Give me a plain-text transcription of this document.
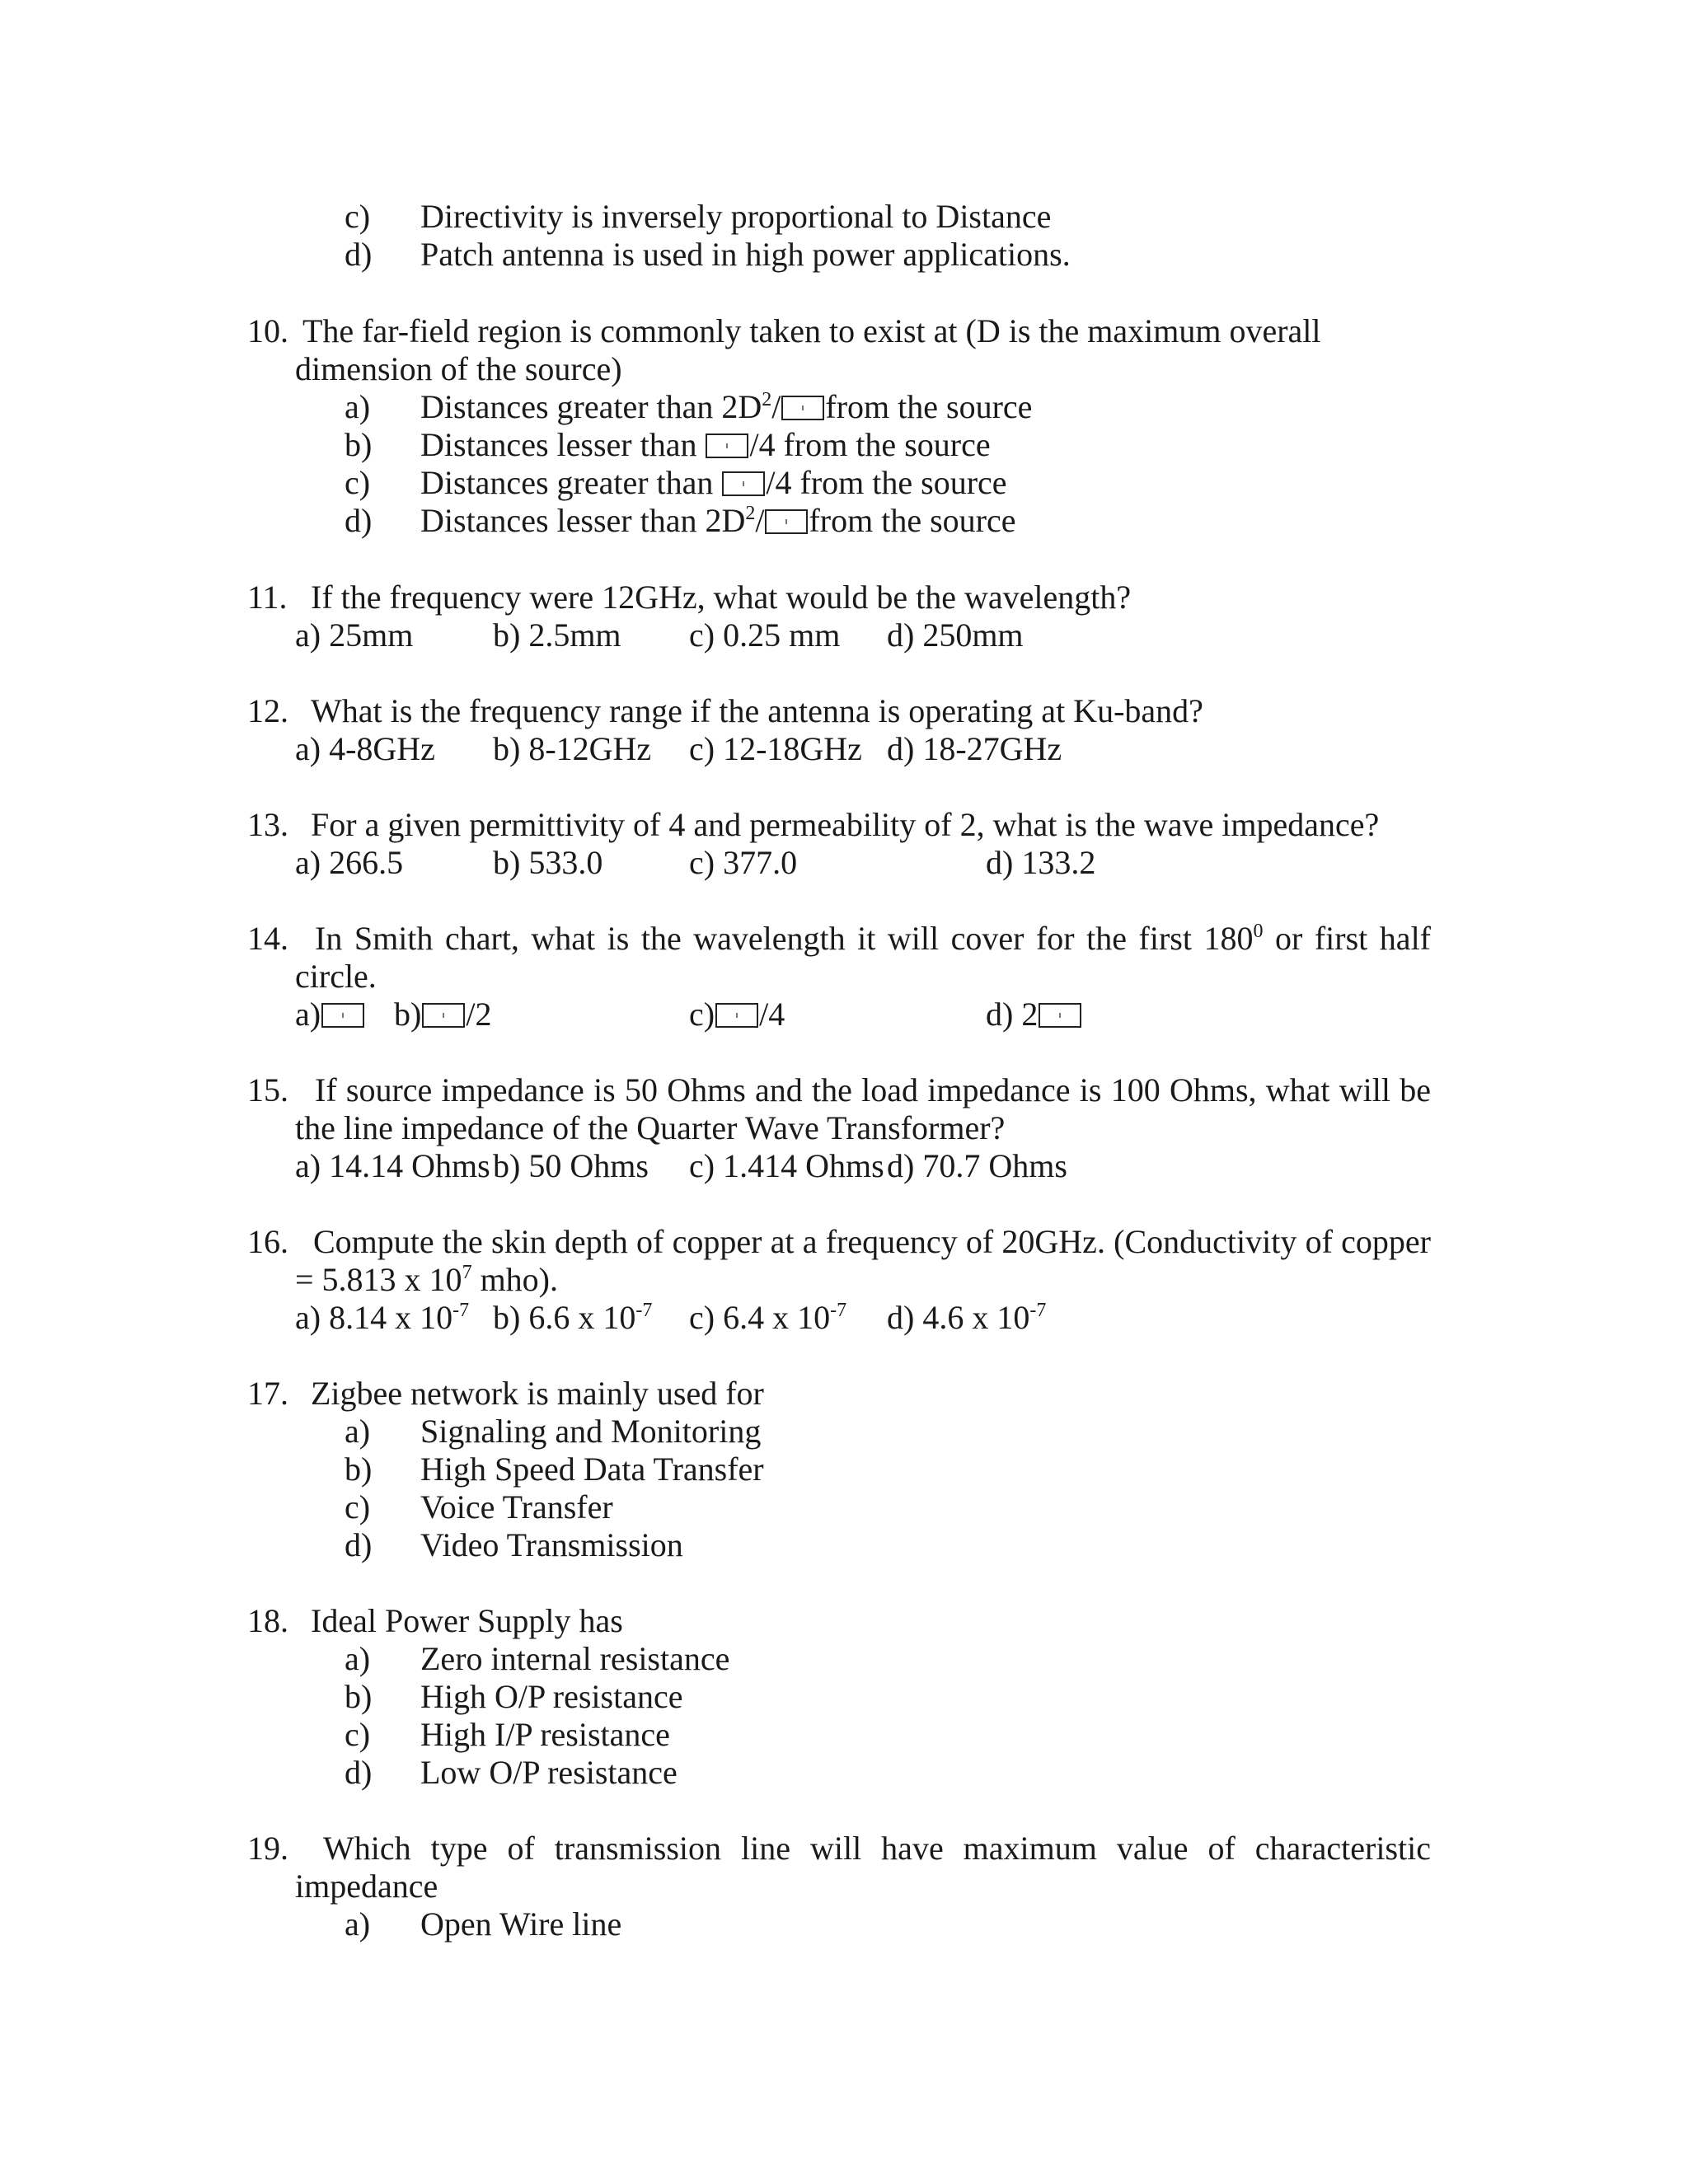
c) Directivity is inversely proportional to Distance
d) Patch antenna is used in high power applications.
10. The far-field region is commonly taken to exist at (D is the maximum overall
dimension of the source)
a) Distances greater than $2D^2/$ from the source
b) Distances lesser than /4 from the source
c) Distances greater than /4 from the source
d) Distances lesser than $2D^2/$ from the source
11. If the frequency were 12GHz, what would be the wavelength?
a) 25mm b) 2.5mm c) 0.25 mm d) 250mm
12. What is the frequency range if the antenna is operating at Ku-band?
a) 4-8GHz b) 8-12GHz c) 12-18GHz d) 18-27GHz
13. For a given permittivity of 4 and permeability of 2, what is the wave impedance?
a) 266.5	b) 533.0	c) 377.0	d) 133.2
14. In Smith chart, what is the wavelength it will cover for the first $180^0$ or first half
circle.
a)	b) /2	c) /4	d) 2
15. If source impedance is 50 Ohms and the load impedance is 100 Ohms, what will be
the line impedance of the Quarter Wave Transformer?
a) 14.14 Ohms b) 50 Ohms c) 1.414 Ohms d) 70.7 Ohms
16. Compute the skin depth of copper at a frequency of 20GHz. (Conductivity of copper
= 5.813 x $10^7$ mho).
a) 8.14 x $10^{-7}$ b) 6.6 x $10^{-7}$ c) 6.4 x $10^{-7}$ d) 4.6 x $10^{-7}$
17. Zigbee network is mainly used for
a) Signaling and Monitoring
b) High Speed Data Transfer
c) Voice Transfer
d) Video Transmission
18. Ideal Power Supply has
a) Zero internal resistance
b) High O/P resistance
c) High I/P resistance
d) Low O/P resistance
19. Which type of transmission line will have maximum value of characteristic
impedance
a) Open Wire line
